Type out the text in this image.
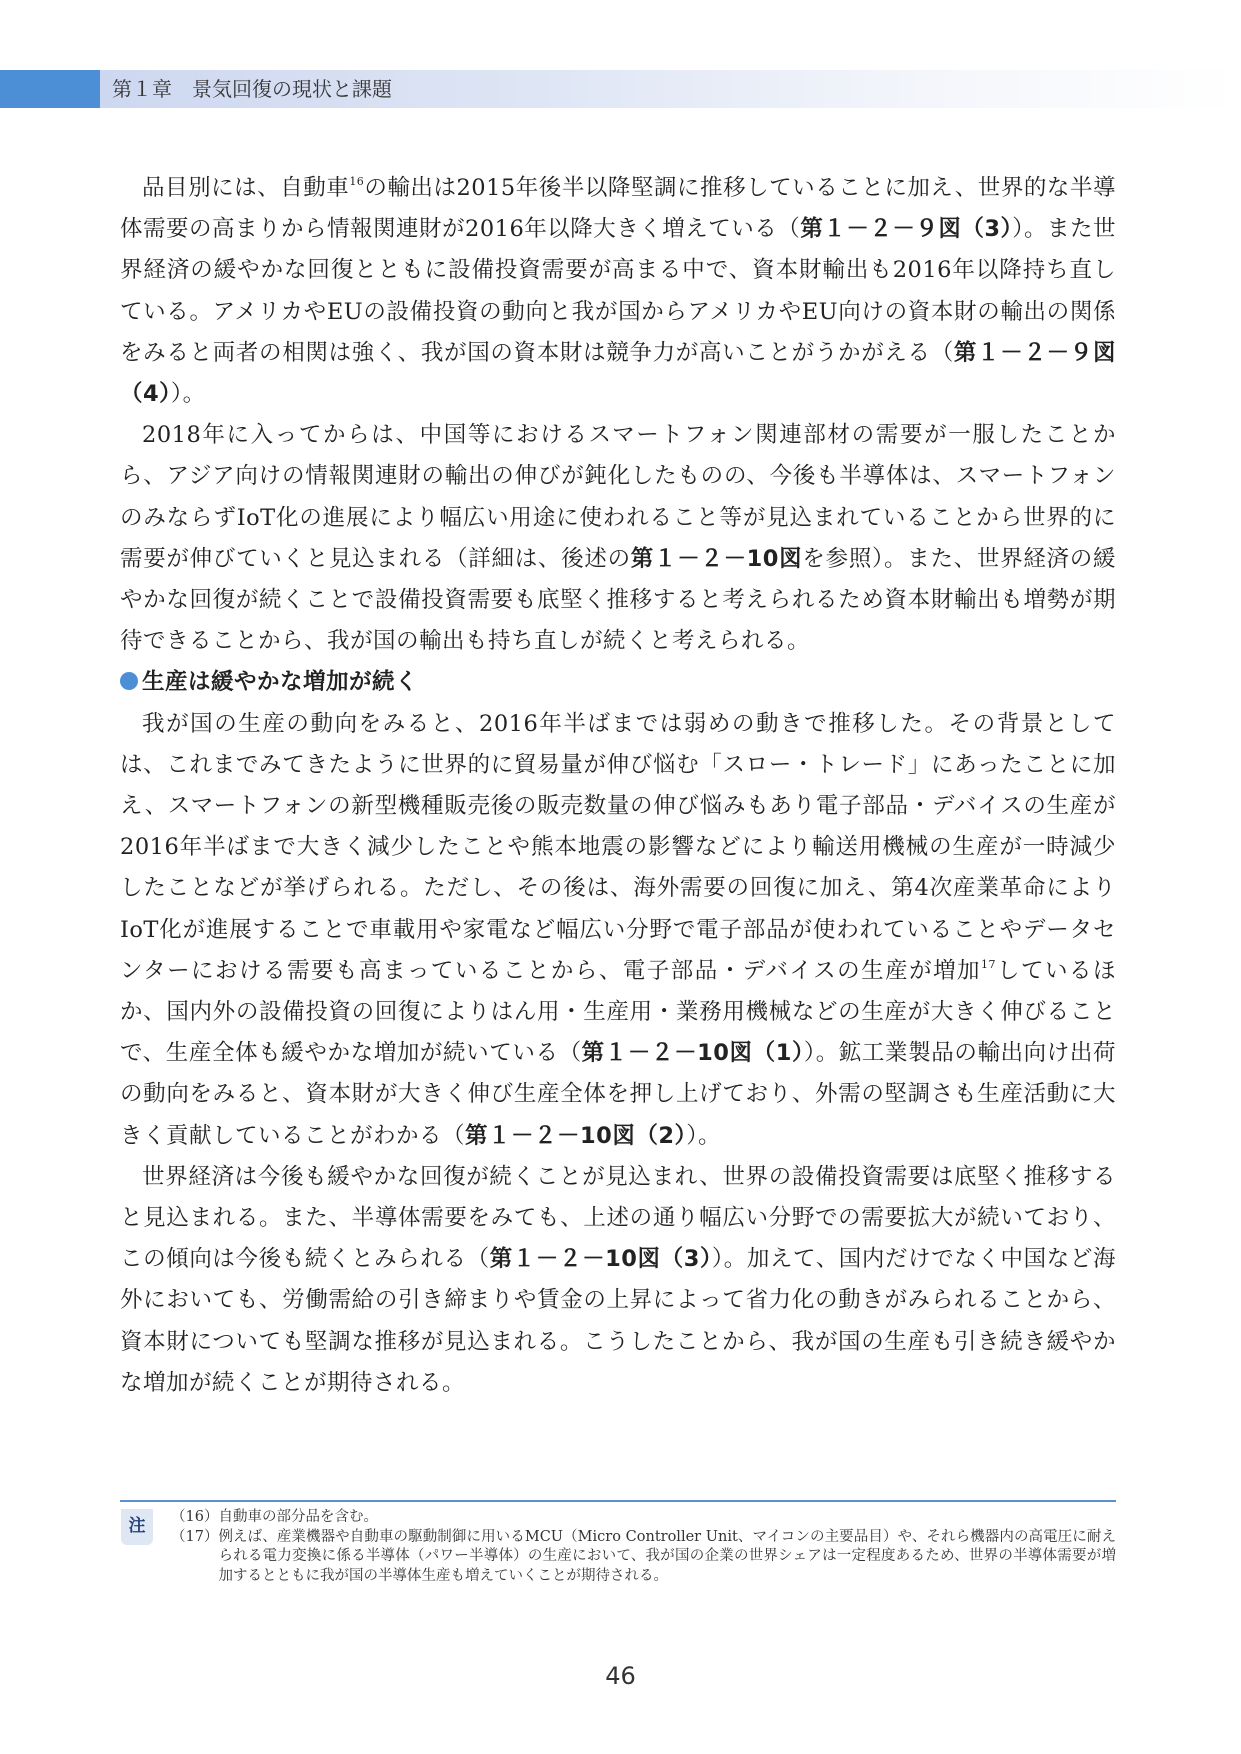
第１章　景気回復の現状と課題

品目別には、自動車$^{16}$の輸出は2015年後半以降堅調に推移していることに加え、世界的な半導体需要の高まりから情報関連財が2016年以降大きく増えている（第１－２－９図（3））。また世界経済の緩やかな回復とともに設備投資需要が高まる中で、資本財輸出も2016年以降持ち直している。アメリカやEUの設備投資の動向と我が国からアメリカやEU向けの資本財の輸出の関係をみると両者の相関は強く、我が国の資本財は競争力が高いことがうかがえる（第１－２－９図（4））。

2018年に入ってからは、中国等におけるスマートフォン関連部材の需要が一服したことから、アジア向けの情報関連財の輸出の伸びが鈍化したものの、今後も半導体は、スマートフォンのみならずIoT化の進展により幅広い用途に使われること等が見込まれていることから世界的に需要が伸びていくと見込まれる（詳細は、後述の第１－２－10図を参照）。また、世界経済の緩やかな回復が続くことで設備投資需要も底堅く推移すると考えられるため資本財輸出も増勢が期待できることから、我が国の輸出も持ち直しが続くと考えられる。

生産は緩やかな増加が続く

我が国の生産の動向をみると、2016年半ばまでは弱めの動きで推移した。その背景としては、これまでみてきたように世界的に貿易量が伸び悩む「スロー・トレード」にあったことに加え、スマートフォンの新型機種販売後の販売数量の伸び悩みもあり電子部品・デバイスの生産が2016年半ばまで大きく減少したことや熊本地震の影響などにより輸送用機械の生産が一時減少したことなどが挙げられる。ただし、その後は、海外需要の回復に加え、第4次産業革命によりIoT化が進展することで車載用や家電など幅広い分野で電子部品が使われていることやデータセンターにおける需要も高まっていることから、電子部品・デバイスの生産が増加$^{17}$しているほか、国内外の設備投資の回復によりはん用・生産用・業務用機械などの生産が大きく伸びることで、生産全体も緩やかな増加が続いている（第１－２－10図（1））。鉱工業製品の輸出向け出荷の動向をみると、資本財が大きく伸び生産全体を押し上げており、外需の堅調さも生産活動に大きく貢献していることがわかる（第１－２－10図（2））。

世界経済は今後も緩やかな回復が続くことが見込まれ、世界の設備投資需要は底堅く推移すると見込まれる。また、半導体需要をみても、上述の通り幅広い分野での需要拡大が続いており、この傾向は今後も続くとみられる（第１－２－10図（3））。加えて、国内だけでなく中国など海外においても、労働需給の引き締まりや賃金の上昇によって省力化の動きがみられることから、資本財についても堅調な推移が見込まれる。こうしたことから、我が国の生産も引き続き緩やかな増加が続くことが期待される。

注	（16） 自動車の部分品を含む。
（17） 例えば、産業機器や自動車の駆動制御に用いるMCU（Micro Controller Unit、マイコンの主要品目）や、それら機器内の高電圧に耐えられる電力変換に係る半導体（パワー半導体）の生産において、我が国の企業の世界シェアは一定程度あるため、世界の半導体需要が増加するとともに我が国の半導体生産も増えていくことが期待される。
46
